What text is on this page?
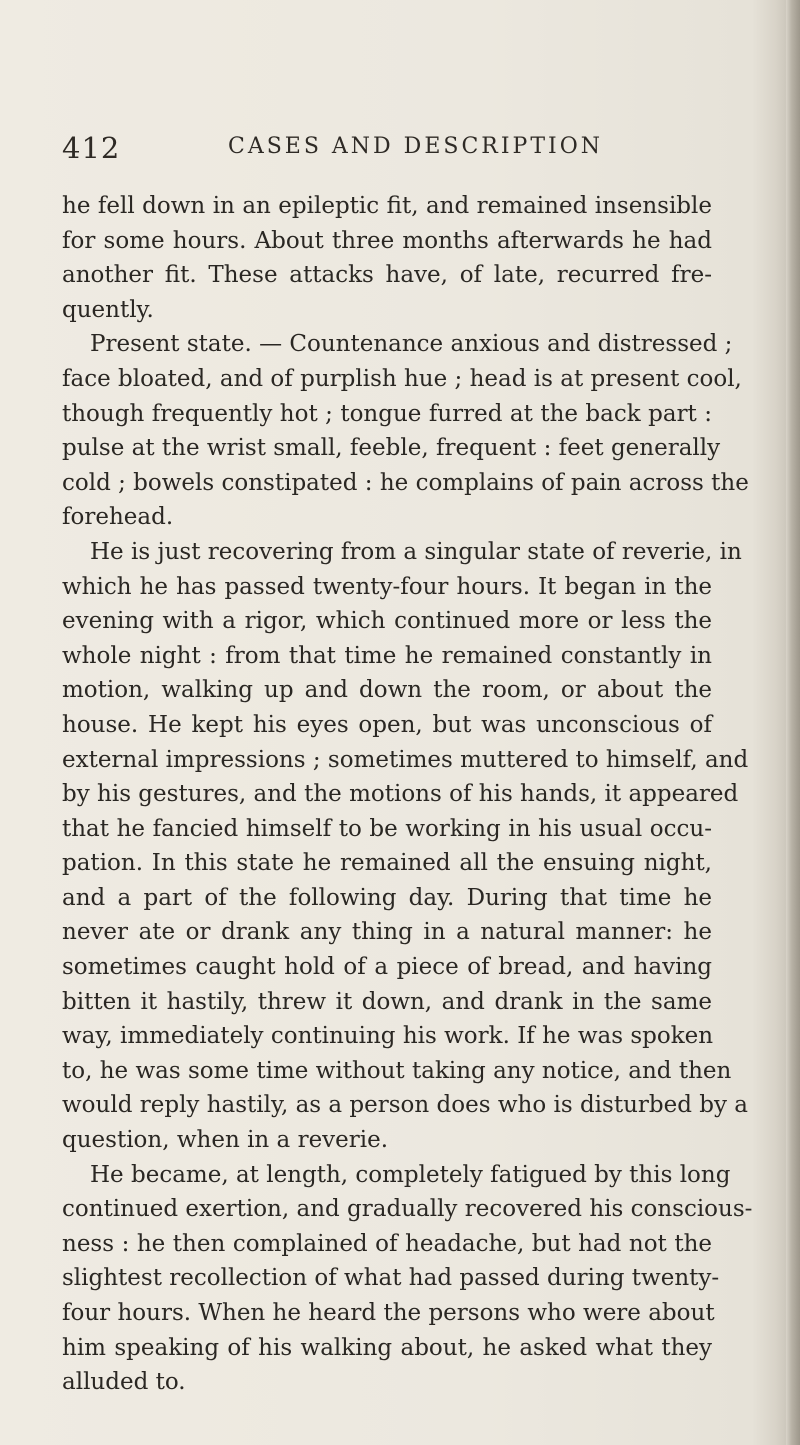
412	CASES AND DESCRIPTION
he fell down in an epileptic fit, and remained insensible
for some hours. About three months afterwards he had
another fit. These attacks have, of late, recurred fre-
quently.
Present state. — Countenance anxious and distressed ;
face bloated, and of purplish hue ; head is at present cool,
though frequently hot ; tongue furred at the back part :
pulse at the wrist small, feeble, frequent : feet generally
cold ; bowels constipated : he complains of pain across the
forehead.
He is just recovering from a singular state of reverie, in
which he has passed twenty-four hours. It began in the
evening with a rigor, which continued more or less the
whole night : from that time he remained constantly in
motion, walking up and down the room, or about the
house. He kept his eyes open, but was unconscious of
external impressions ; sometimes muttered to himself, and
by his gestures, and the motions of his hands, it appeared
that he fancied himself to be working in his usual occu-
pation. In this state he remained all the ensuing night,
and a part of the following day. During that time he
never ate or drank any thing in a natural manner: he
sometimes caught hold of a piece of bread, and having
bitten it hastily, threw it down, and drank in the same
way, immediately continuing his work. If he was spoken
to, he was some time without taking any notice, and then
would reply hastily, as a person does who is disturbed by a
question, when in a reverie.
He became, at length, completely fatigued by this long
continued exertion, and gradually recovered his conscious-
ness : he then complained of headache, but had not the
slightest recollection of what had passed during twenty-
four hours. When he heard the persons who were about
him speaking of his walking about, he asked what they
alluded to.
